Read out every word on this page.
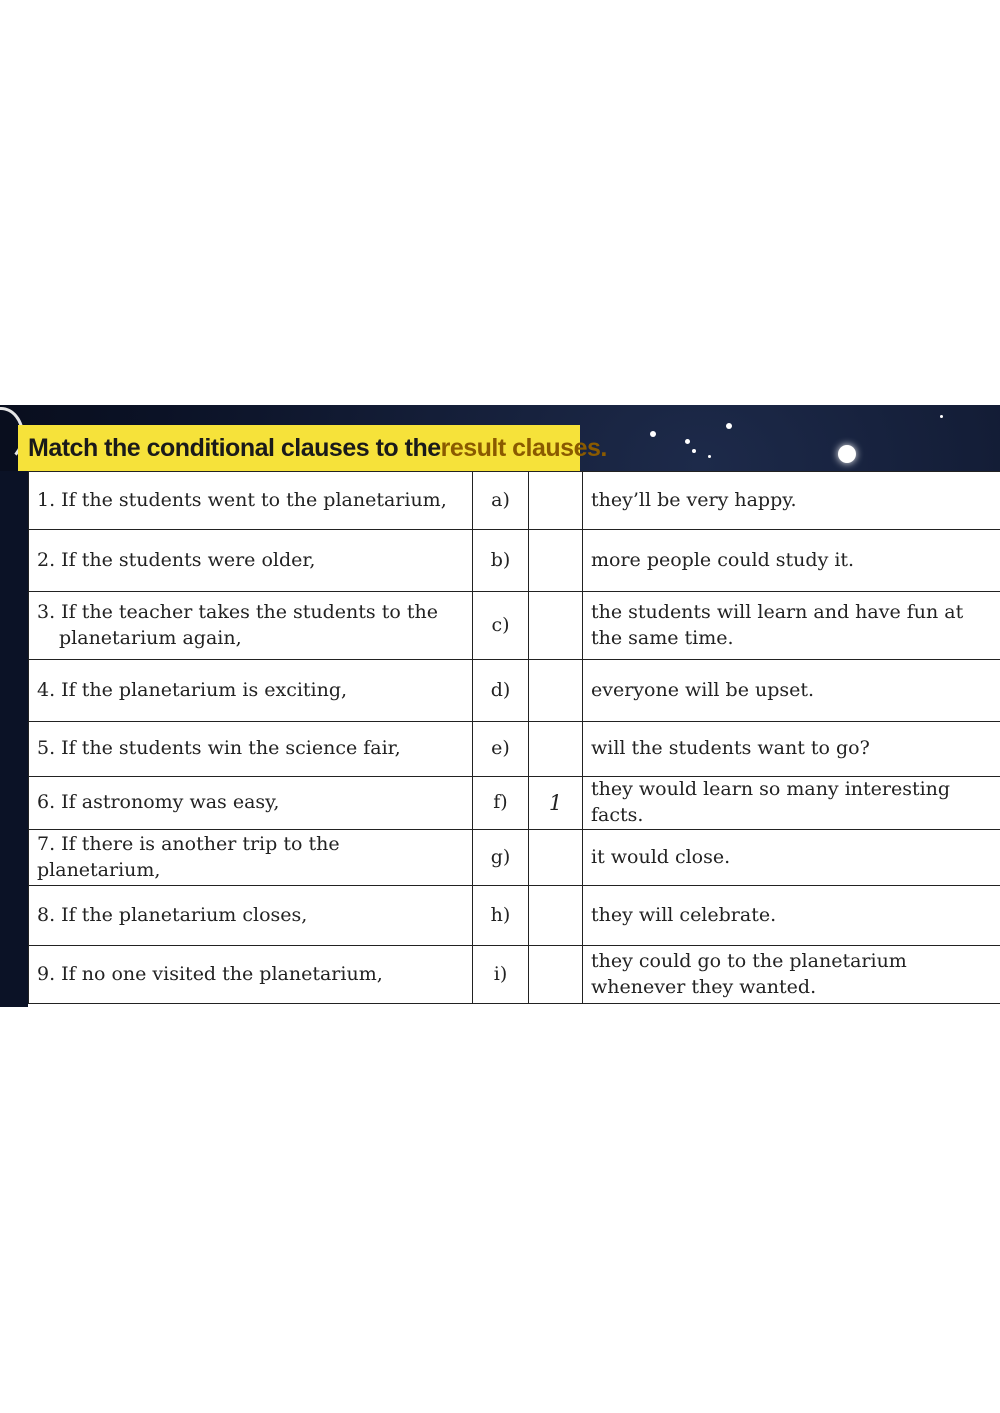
Match the conditional clauses to the result clauses.
1. If the students went to the planetarium,	a)		they’ll be very happy.
2. If the students were older,	b)		more people could study it.
3. If the teacher takes the students to the
planetarium again,	c)		the students will learn and have fun at the same time.
4. If the planetarium is exciting,	d)		everyone will be upset.
5. If the students win the science fair,	e)		will the students want to go?
6. If astronomy was easy,	f)	1	they would learn so many interesting facts.
7. If there is another trip to the planetarium,	g)		it would close.
8. If the planetarium closes,	h)		they will celebrate.
9. If no one visited the planetarium,	i)		they could go to the planetarium whenever they wanted.
